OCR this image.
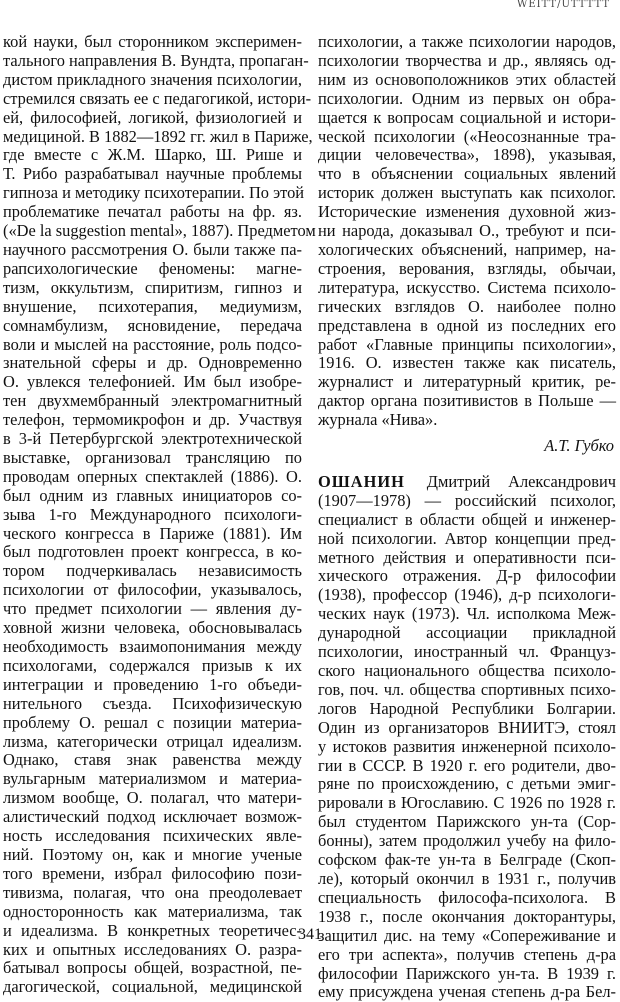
WEITT/UTTTTT
кой науки, был сторонником эксперимен-
тального направления В. Вундта, пропаган-
дистом прикладного значения психологии,
стремился связать ее с педагогикой, истори-
ей, философией, логикой, физиологией и
медициной. В 1882—1892 гг. жил в Париже,
где вместе с Ж.М. Шарко, Ш. Рише и
Т. Рибо разрабатывал научные проблемы
гипноза и методику психотерапии. По этой
проблематике печатал работы на фр. яз.
(«De la suggestion mental», 1887). Предметом
научного рассмотрения О. были также па-
рапсихологические феномены: магне-
тизм, оккультизм, спиритизм, гипноз и
внушение, психотерапия, медиумизм,
сомнамбулизм, ясновидение, передача
воли и мыслей на расстояние, роль подсо-
знательной сферы и др. Одновременно
О. увлекся телефонией. Им был изобре-
тен двухмембранный электромагнитный
телефон, термомикрофон и др. Участвуя
в 3-й Петербургской электротехнической
выставке, организовал трансляцию по
проводам оперных спектаклей (1886). О.
был одним из главных инициаторов со-
зыва 1-го Международного психологи-
ческого конгресса в Париже (1881). Им
был подготовлен проект конгресса, в ко-
тором подчеркивалась независимость
психологии от философии, указывалось,
что предмет психологии — явления ду-
ховной жизни человека, обосновывалась
необходимость взаимопонимания между
психологами, содержался призыв к их
интеграции и проведению 1-го объеди-
нительного съезда. Психофизическую
проблему О. решал с позиции материа-
лизма, категорически отрицал идеализм.
Однако, ставя знак равенства между
вульгарным материализмом и материа-
лизмом вообще, О. полагал, что матери-
алистический подход исключает возмож-
ность исследования психических явле-
ний. Поэтому он, как и многие ученые
того времени, избрал философию пози-
тивизма, полагая, что она преодолевает
односторонность как материализма, так
и идеализма. В конкретных теоретичес-
ких и опытных исследованиях О. разра-
батывал вопросы общей, возрастной, пе-
дагогической, социальной, медицинской
психологии, а также психологии народов,
психологии творчества и др., являясь од-
ним из основоположников этих областей
психологии. Одним из первых он обра-
щается к вопросам социальной и истори-
ческой психологии («Неосознанные тра-
диции человечества», 1898), указывая,
что в объяснении социальных явлений
историк должен выступать как психолог.
Исторические изменения духовной жиз-
ни народа, доказывал О., требуют и пси-
хологических объяснений, например, на-
строения, верования, взгляды, обычаи,
литература, искусство. Система психоло-
гических взглядов О. наиболее полно
представлена в одной из последних его
работ «Главные принципы психологии»,
1916. О. известен также как писатель,
журналист и литературный критик, ре-
дактор органа позитивистов в Польше —
журнала «Нива».
А.Т. Губко
ОШАНИН Дмитрий Александрович
(1907—1978) — российский психолог,
специалист в области общей и инженер-
ной психологии. Автор концепции пред-
метного действия и оперативности пси-
хического отражения. Д-р философии
(1938), профессор (1946), д-р психологи-
ческих наук (1973). Чл. исполкома Меж-
дународной ассоциации прикладной
психологии, иностранный чл. Француз-
ского национального общества психоло-
гов, поч. чл. общества спортивных психо-
логов Народной Республики Болгарии.
Один из организаторов ВНИИТЭ, стоял
у истоков развития инженерной психоло-
гии в СССР. В 1920 г. его родители, дво-
ряне по происхождению, с детьми эмиг-
рировали в Югославию. С 1926 по 1928 г.
был студентом Парижского ун-та (Сор-
бонны), затем продолжил учебу на фило-
софском фак-те ун-та в Белграде (Скоп-
ле), который окончил в 1931 г., получив
специальность философа-психолога. В
1938 г., после окончания докторантуры,
защитил дис. на тему «Сопереживание и
его три аспекта», получив степень д-ра
философии Парижского ун-та. В 1939 г.
ему присуждена ученая степень д-ра Бел-
341
